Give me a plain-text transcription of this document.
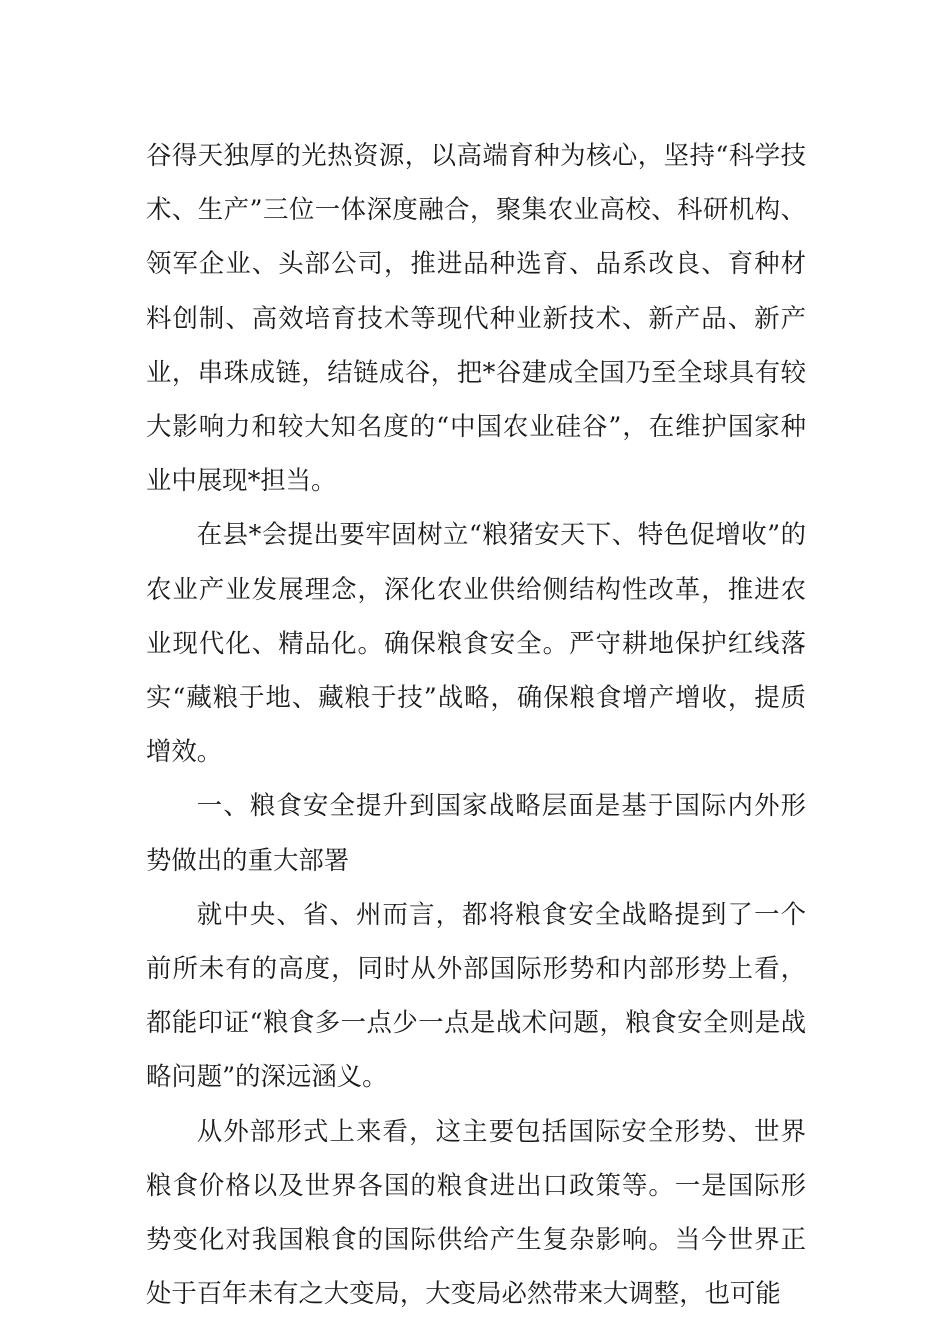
谷得天独厚的光热资源，以高端育种为核心，坚持“科学技术、生产”三位一体深度融合，聚集农业高校、科研机构、领军企业、头部公司，推进品种选育、品系改良、育种材料创制、高效培育技术等现代种业新技术、新产品、新产业，串珠成链，结链成谷，把*谷建成全国乃至全球具有较大影响力和较大知名度的“中国农业硅谷”，在维护国家种业中展现*担当。

在县*会提出要牢固树立“粮猪安天下、特色促增收”的农业产业发展理念，深化农业供给侧结构性改革，推进农业现代化、精品化。确保粮食安全。严守耕地保护红线落实“藏粮于地、藏粮于技”战略，确保粮食增产增收，提质增效。

一、粮食安全提升到国家战略层面是基于国际内外形势做出的重大部署

就中央、省、州而言，都将粮食安全战略提到了一个前所未有的高度，同时从外部国际形势和内部形势上看，都能印证“粮食多一点少一点是战术问题，粮食安全则是战略问题”的深远涵义。

从外部形式上来看，这主要包括国际安全形势、世界粮食价格以及世界各国的粮食进出口政策等。一是国际形势变化对我国粮食的国际供给产生复杂影响。当今世界正处于百年未有之大变局，大变局必然带来大调整，也可能
